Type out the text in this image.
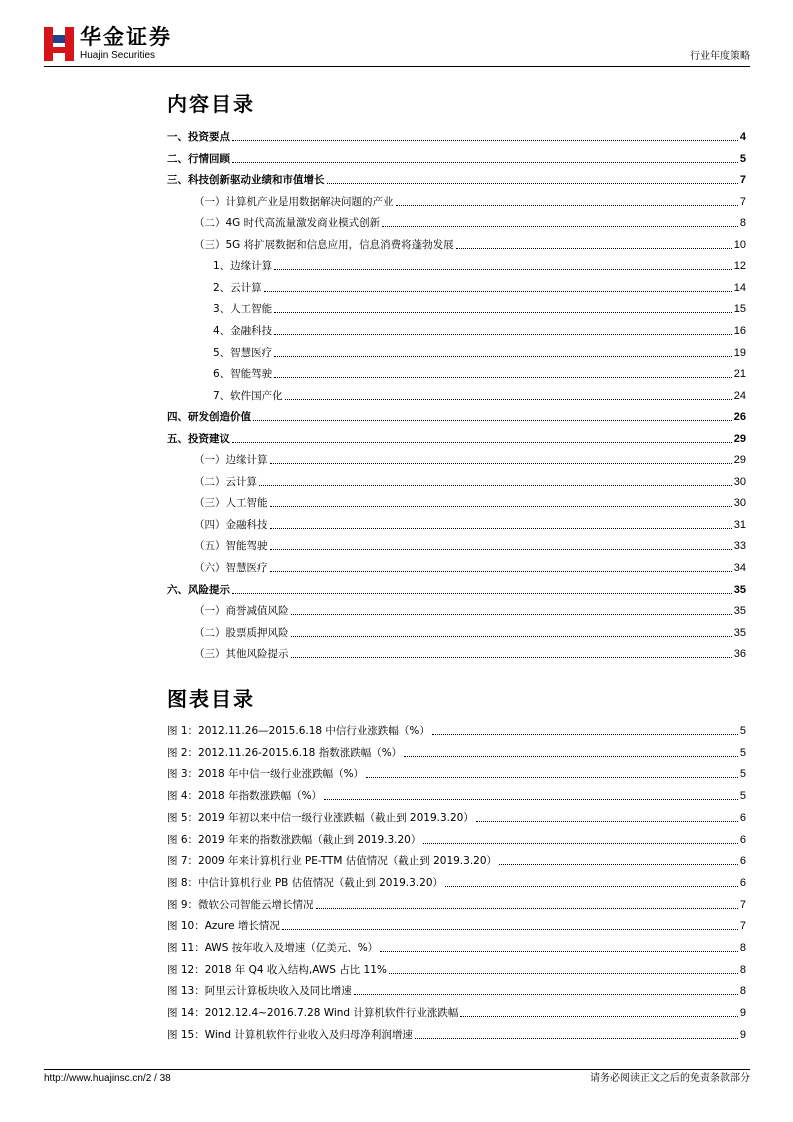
华金证券
Huajin Securities	行业年度策略
内容目录
一、投资要点	4
二、行情回顾	5
三、科技创新驱动业绩和市值增长	7
（一）计算机产业是用数据解决问题的产业	7
（二）4G 时代高流量激发商业模式创新	8
（三）5G 将扩展数据和信息应用，信息消费将蓬勃发展	10
1、边缘计算	12
2、云计算	14
3、人工智能	15
4、金融科技	16
5、智慧医疗	19
6、智能驾驶	21
7、软件国产化	24
四、研发创造价值	26
五、投资建议	29
（一）边缘计算	29
（二）云计算	30
（三）人工智能	30
（四）金融科技	31
（五）智能驾驶	33
（六）智慧医疗	34
六、风险提示	35
（一）商誉减值风险	35
（二）股票质押风险	35
（三）其他风险提示	36
图表目录
图 1：2012.11.26—2015.6.18 中信行业涨跌幅（%）	5
图 2：2012.11.26-2015.6.18 指数涨跌幅（%）	5
图 3：2018 年中信一级行业涨跌幅（%）	5
图 4：2018 年指数涨跌幅（%）	5
图 5：2019 年初以来中信一级行业涨跌幅（截止到 2019.3.20）	6
图 6：2019 年来的指数涨跌幅（截止到 2019.3.20）	6
图 7：2009 年来计算机行业 PE-TTM 估值情况（截止到 2019.3.20）	6
图 8：中信计算机行业 PB 估值情况（截止到 2019.3.20）	6
图 9：微软公司智能云增长情况	7
图 10：Azure 增长情况	7
图 11：AWS 按年收入及增速（亿美元、%）	8
图 12：2018 年 Q4 收入结构,AWS 占比 11%	8
图 13：阿里云计算板块收入及同比增速	8
图 14：2012.12.4~2016.7.28 Wind 计算机软件行业涨跌幅	9
图 15：Wind 计算机软件行业收入及归母净利润增速	9
http://www.huajinsc.cn/2 / 38	请务必阅读正文之后的免责条款部分
